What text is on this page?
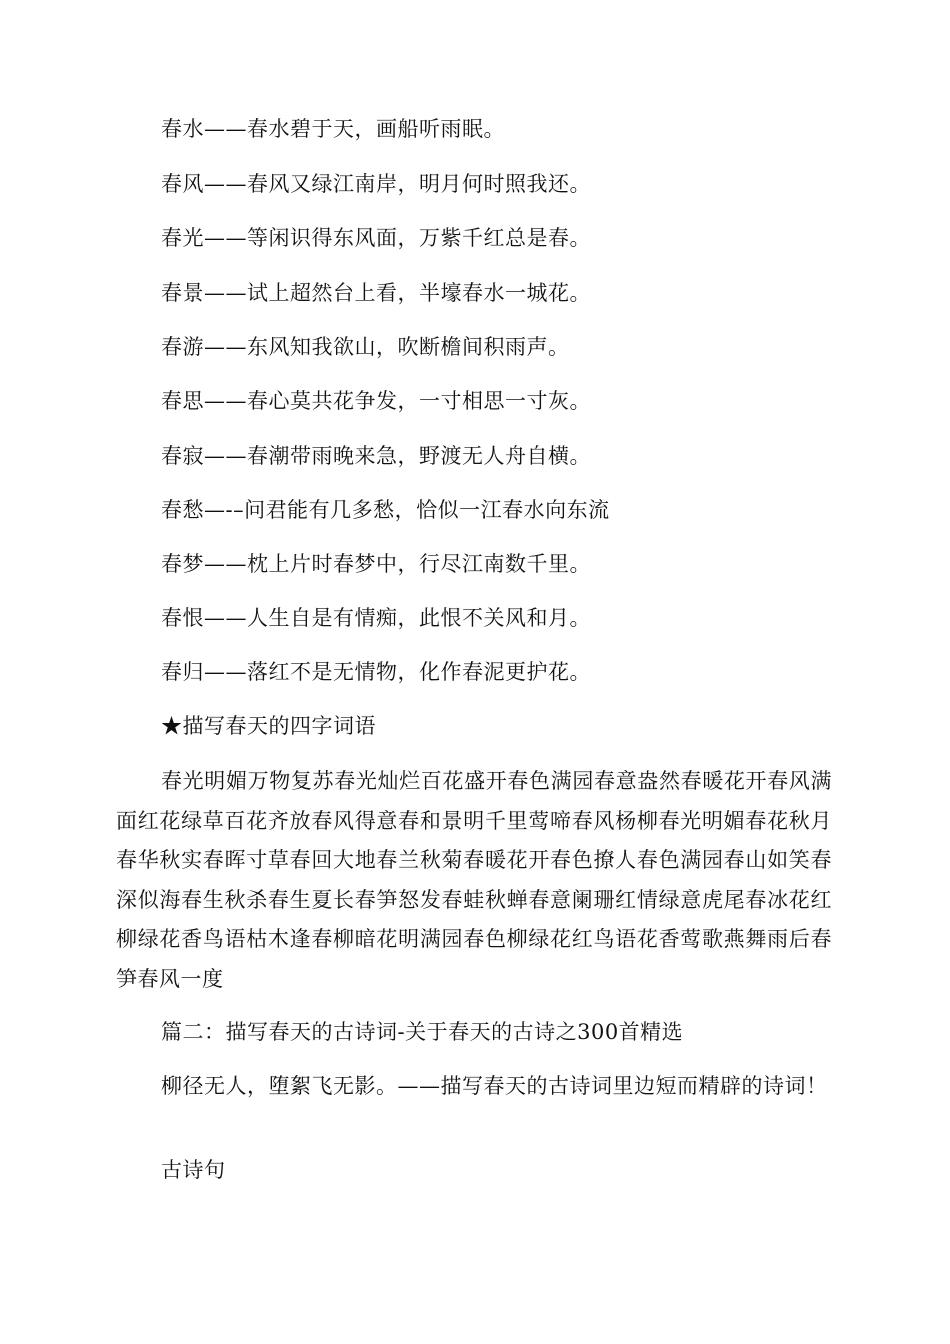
春水——春水碧于天，画船听雨眠。
春风——春风又绿江南岸，明月何时照我还。
春光——等闲识得东风面，万紫千红总是春。
春景——试上超然台上看，半壕春水一城花。
春游——东风知我欲山，吹断檐间积雨声。
春思——春心莫共花争发，一寸相思一寸灰。
春寂——春潮带雨晚来急，野渡无人舟自横。
春愁—-–问君能有几多愁，恰似一江春水向东流
春梦——枕上片时春梦中，行尽江南数千里。
春恨——人生自是有情痴，此恨不关风和月。
春归——落红不是无情物，化作春泥更护花。
★描写春天的四字词语
春光明媚万物复苏春光灿烂百花盛开春色满园春意盎然春暖花开春风满面红花绿草百花齐放春风得意春和景明千里莺啼春风杨柳春光明媚春花秋月春华秋实春晖寸草春回大地春兰秋菊春暖花开春色撩人春色满园春山如笑春深似海春生秋杀春生夏长春笋怒发春蛙秋蝉春意阑珊红情绿意虎尾春冰花红柳绿花香鸟语枯木逢春柳暗花明满园春色柳绿花红鸟语花香莺歌燕舞雨后春笋春风一度
篇二：描写春天的古诗词-关于春天的古诗之300首精选
柳径无人，堕絮飞无影。——描写春天的古诗词里边短而精辟的诗词！
古诗句
